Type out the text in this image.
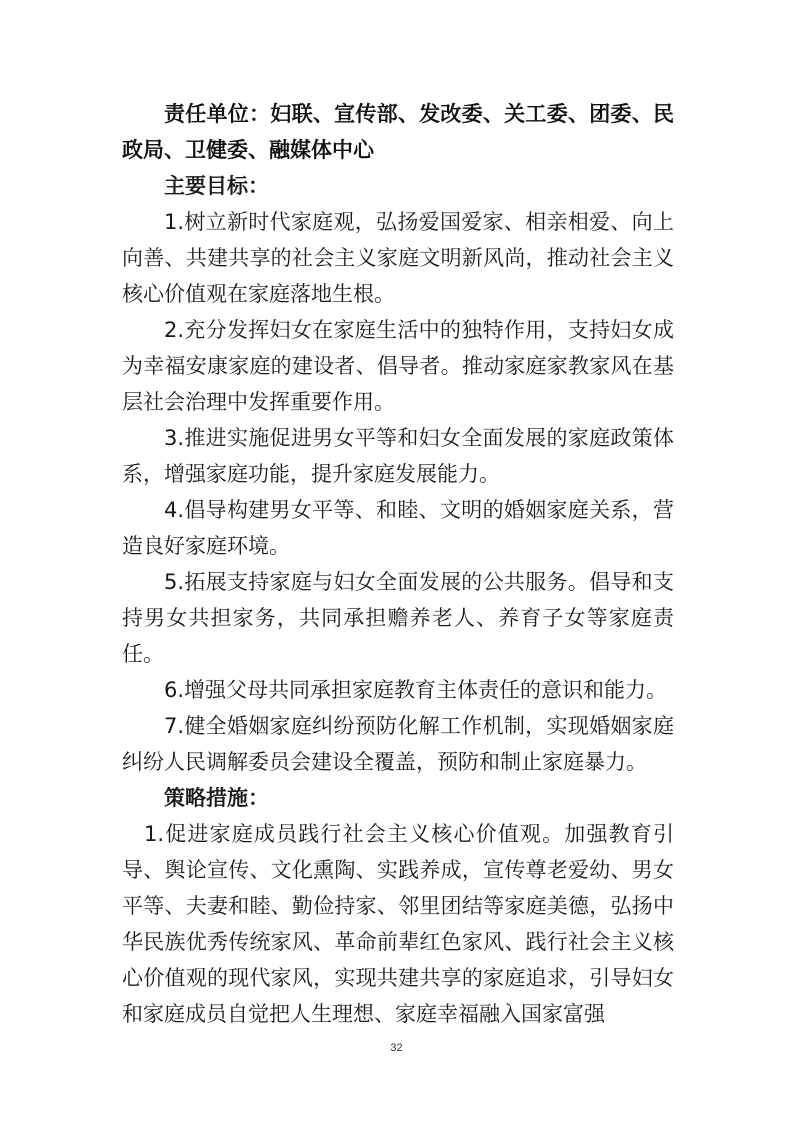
责任单位：妇联、宣传部、发改委、关工委、团委、民政局、卫健委、融媒体中心

主要目标：

1.树立新时代家庭观，弘扬爱国爱家、相亲相爱、向上向善、共建共享的社会主义家庭文明新风尚，推动社会主义核心价值观在家庭落地生根。

2.充分发挥妇女在家庭生活中的独特作用，支持妇女成为幸福安康家庭的建设者、倡导者。推动家庭家教家风在基层社会治理中发挥重要作用。

3.推进实施促进男女平等和妇女全面发展的家庭政策体系，增强家庭功能，提升家庭发展能力。

4.倡导构建男女平等、和睦、文明的婚姻家庭关系，营造良好家庭环境。

5.拓展支持家庭与妇女全面发展的公共服务。倡导和支持男女共担家务，共同承担赡养老人、养育子女等家庭责任。

6.增强父母共同承担家庭教育主体责任的意识和能力。

7.健全婚姻家庭纠纷预防化解工作机制，实现婚姻家庭纠纷人民调解委员会建设全覆盖，预防和制止家庭暴力。

策略措施：

1.促进家庭成员践行社会主义核心价值观。加强教育引导、舆论宣传、文化熏陶、实践养成，宣传尊老爱幼、男女平等、夫妻和睦、勤俭持家、邻里团结等家庭美德，弘扬中华民族优秀传统家风、革命前辈红色家风、践行社会主义核心价值观的现代家风，实现共建共享的家庭追求，引导妇女和家庭成员自觉把人生理想、家庭幸福融入国家富强

32
